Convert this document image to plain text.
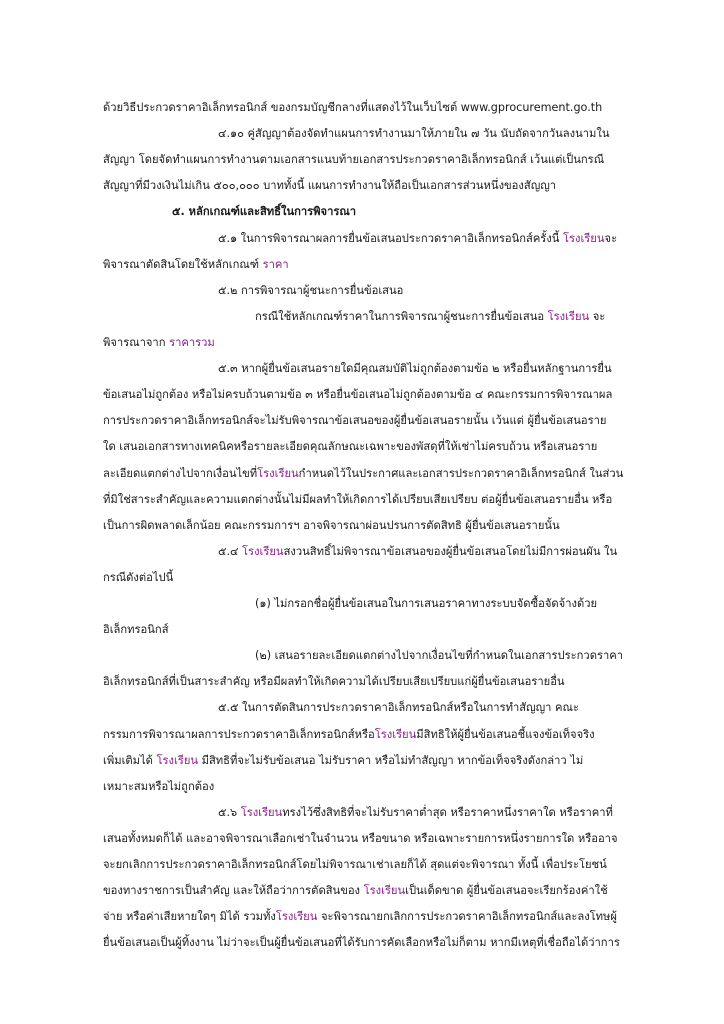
ด้วยวิธีประกวดราคาอิเล็กทรอนิกส์ ของกรมบัญชีกลางที่แสดงไว้ในเว็บไซต์ www.gprocurement.go.th
๔.๑๐ คู่สัญญาต้องจัดทำแผนการทำงานมาให้ภายใน ๗ วัน นับถัดจากวันลงนามใน
สัญญา โดยจัดทำแผนการทำงานตามเอกสารแนบท้ายเอกสารประกวดราคาอิเล็กทรอนิกส์ เว้นแต่เป็นกรณี
สัญญาที่มีวงเงินไม่เกิน ๕๐๐,๐๐๐ บาททั้งนี้ แผนการทำงานให้ถือเป็นเอกสารส่วนหนึ่งของสัญญา
๕. หลักเกณฑ์และสิทธิ์ในการพิจารณา
๕.๑ ในการพิจารณาผลการยื่นข้อเสนอประกวดราคาอิเล็กทรอนิกส์ครั้งนี้ โรงเรียนจะ
พิจารณาตัดสินโดยใช้หลักเกณฑ์ ราคา
๕.๒ การพิจารณาผู้ชนะการยื่นข้อเสนอ
กรณีใช้หลักเกณฑ์ราคาในการพิจารณาผู้ชนะการยื่นข้อเสนอ โรงเรียน จะ
พิจารณาจาก ราคารวม
๕.๓ หากผู้ยื่นข้อเสนอรายใดมีคุณสมบัติไม่ถูกต้องตามข้อ ๒ หรือยื่นหลักฐานการยื่น
ข้อเสนอไม่ถูกต้อง หรือไม่ครบถ้วนตามข้อ ๓ หรือยื่นข้อเสนอไม่ถูกต้องตามข้อ ๔ คณะกรรมการพิจารณาผล
การประกวดราคาอิเล็กทรอนิกส์จะไม่รับพิจารณาข้อเสนอของผู้ยื่นข้อเสนอรายนั้น เว้นแต่ ผู้ยื่นข้อเสนอราย
ใด เสนอเอกสารทางเทคนิคหรือรายละเอียดคุณลักษณะเฉพาะของพัสดุที่ให้เช่าไม่ครบถ้วน หรือเสนอราย
ละเอียดแตกต่างไปจากเงื่อนไขที่โรงเรียนกำหนดไว้ในประกาศและเอกสารประกวดราคาอิเล็กทรอนิกส์ ในส่วน
ที่มิใช่สาระสำคัญและความแตกต่างนั้นไม่มีผลทำให้เกิดการได้เปรียบเสียเปรียบ ต่อผู้ยื่นข้อเสนอรายอื่น หรือ
เป็นการผิดพลาดเล็กน้อย คณะกรรมการฯ อาจพิจารณาผ่อนปรนการตัดสิทธิ ผู้ยื่นข้อเสนอรายนั้น
๕.๔ โรงเรียนสงวนสิทธิ์ไม่พิจารณาข้อเสนอของผู้ยื่นข้อเสนอโดยไม่มีการผ่อนผัน ใน
กรณีดังต่อไปนี้
(๑) ไม่กรอกชื่อผู้ยื่นข้อเสนอในการเสนอราคาทางระบบจัดซื้อจัดจ้างด้วย
อิเล็กทรอนิกส์
(๒) เสนอรายละเอียดแตกต่างไปจากเงื่อนไขที่กำหนดในเอกสารประกวดราคา
อิเล็กทรอนิกส์ที่เป็นสาระสำคัญ หรือมีผลทำให้เกิดความได้เปรียบเสียเปรียบแก่ผู้ยื่นข้อเสนอรายอื่น
๕.๕ ในการตัดสินการประกวดราคาอิเล็กทรอนิกส์หรือในการทำสัญญา คณะ
กรรมการพิจารณาผลการประกวดราคาอิเล็กทรอนิกส์หรือโรงเรียนมีสิทธิให้ผู้ยื่นข้อเสนอชี้แจงข้อเท็จจริง
เพิ่มเติมได้ โรงเรียน มีสิทธิที่จะไม่รับข้อเสนอ ไม่รับราคา หรือไม่ทำสัญญา หากข้อเท็จจริงดังกล่าว ไม่
เหมาะสมหรือไม่ถูกต้อง
๕.๖ โรงเรียนทรงไว้ซึ่งสิทธิที่จะไม่รับราคาต่ำสุด หรือราคาหนึ่งราคาใด หรือราคาที่
เสนอทั้งหมดก็ได้ และอาจพิจารณาเลือกเช่าในจำนวน หรือขนาด หรือเฉพาะรายการหนึ่งรายการใด หรืออาจ
จะยกเลิกการประกวดราคาอิเล็กทรอนิกส์โดยไม่พิจารณาเช่าเลยก็ได้ สุดแต่จะพิจารณา ทั้งนี้ เพื่อประโยชน์
ของทางราชการเป็นสำคัญ และให้ถือว่าการตัดสินของ โรงเรียนเป็นเด็ดขาด ผู้ยื่นข้อเสนอจะเรียกร้องค่าใช้
จ่าย หรือค่าเสียหายใดๆ มิได้ รวมทั้งโรงเรียน จะพิจารณายกเลิกการประกวดราคาอิเล็กทรอนิกส์และลงโทษผู้
ยื่นข้อเสนอเป็นผู้ทิ้งงาน ไม่ว่าจะเป็นผู้ยื่นข้อเสนอที่ได้รับการคัดเลือกหรือไม่ก็ตาม หากมีเหตุที่เชื่อถือได้ว่าการ
